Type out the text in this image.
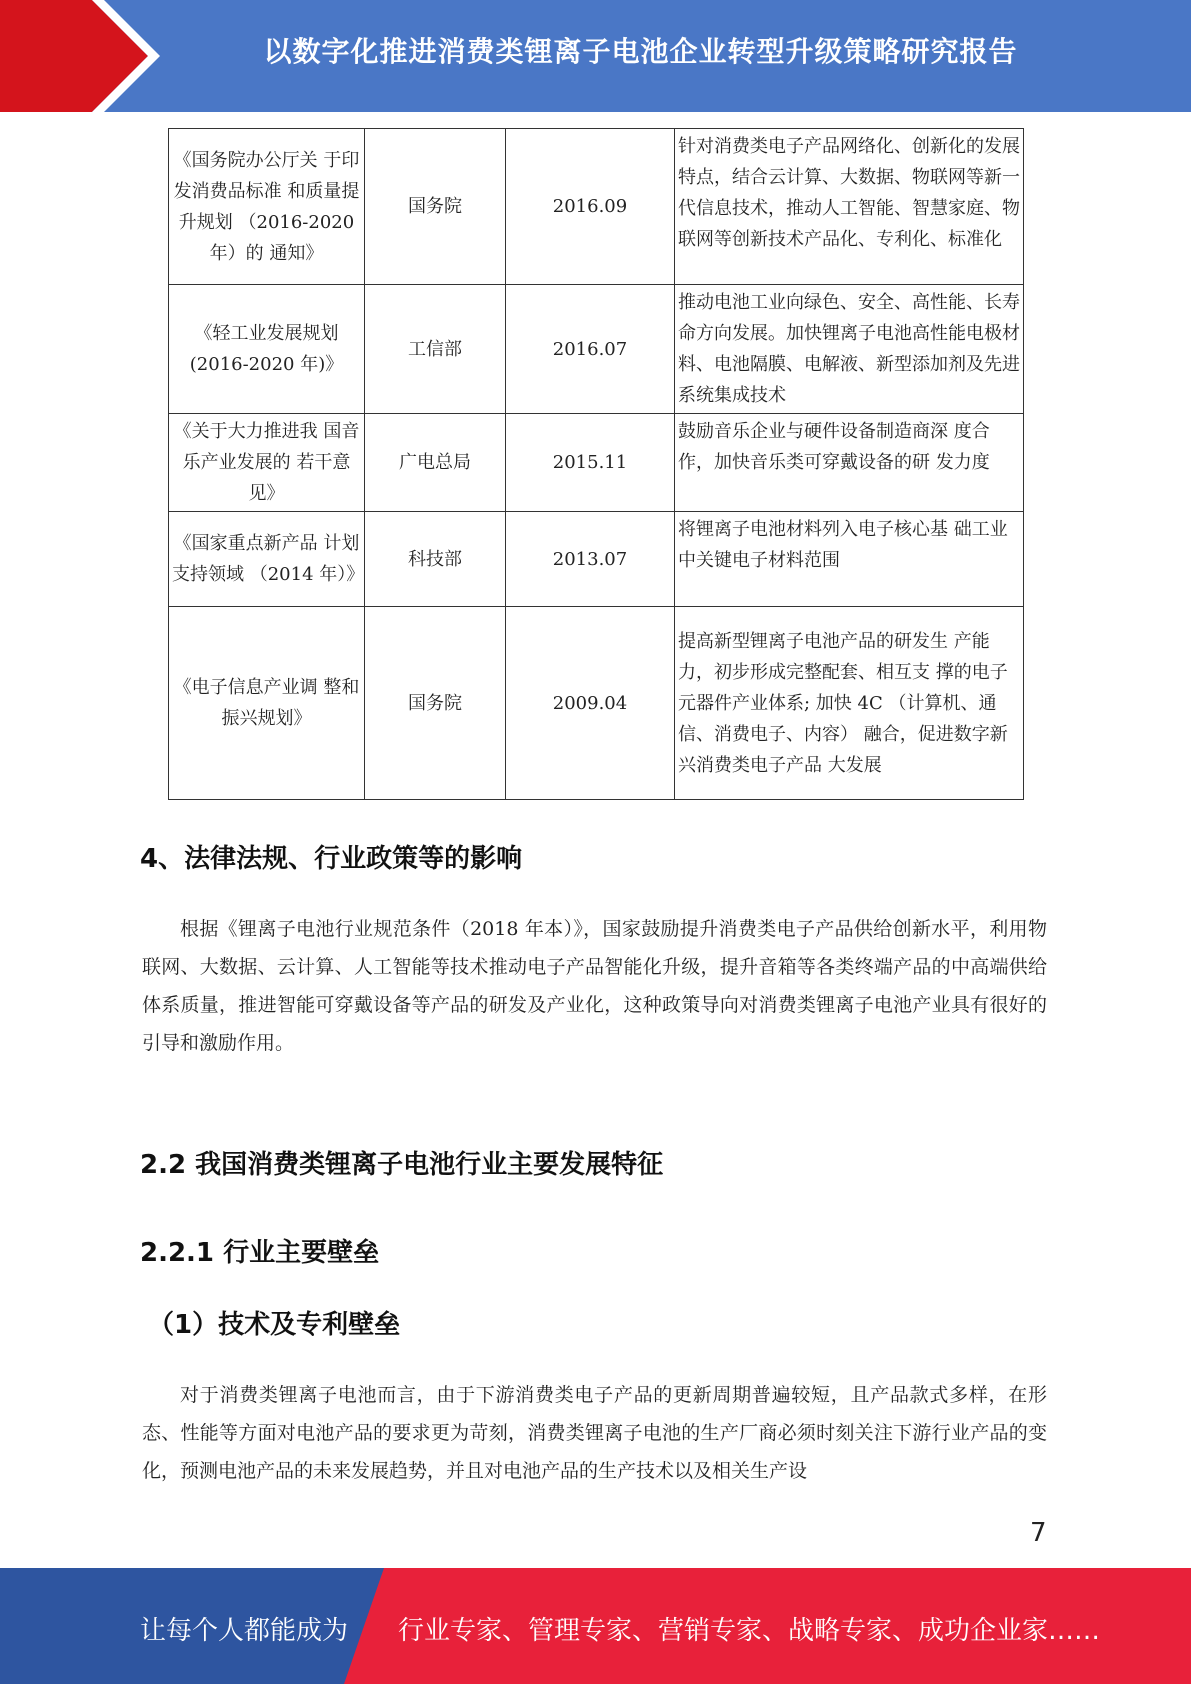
以数字化推进消费类锂离子电池企业转型升级策略研究报告
《国务院办公厅关 于印发消费品标准 和质量提升规划 （2016-2020 年）的 通知》	国务院	2016.09	针对消费类电子产品网络化、创新化的发展特点，结合云计算、大数据、物联网等新一代信息技术，推动人工智能、智慧家庭、物联网等创新技术产品化、专利化、标准化
《轻工业发展规划 (2016-2020 年)》	工信部	2016.07	推动电池工业向绿色、安全、高性能、长寿命方向发展。加快锂离子电池高性能电极材料、电池隔膜、电解液、新型添加剂及先进系统集成技术
《关于大力推进我 国音乐产业发展的 若干意见》	广电总局	2015.11	鼓励音乐企业与硬件设备制造商深 度合作，加快音乐类可穿戴设备的研 发力度
《国家重点新产品 计划支持领域 （2014 年）》	科技部	2013.07	将锂离子电池材料列入电子核心基 础工业中关键电子材料范围
《电子信息产业调 整和振兴规划》	国务院	2009.04	提高新型锂离子电池产品的研发生 产能力，初步形成完整配套、相互支 撑的电子元器件产业体系; 加快 4C （计算机、通信、消费电子、内容） 融合，促进数字新兴消费类电子产品 大发展
4、法律法规、行业政策等的影响

根据《锂离子电池行业规范条件（2018 年本）》，国家鼓励提升消费类电子产品供给创新水平，利用物联网、大数据、云计算、人工智能等技术推动电子产品智能化升级，提升音箱等各类终端产品的中高端供给体系质量，推进智能可穿戴设备等产品的研发及产业化，这种政策导向对消费类锂离子电池产业具有很好的引导和激励作用。

2.2 我国消费类锂离子电池行业主要发展特征
2.2.1 行业主要壁垒
（1）技术及专利壁垒

对于消费类锂离子电池而言，由于下游消费类电子产品的更新周期普遍较短，且产品款式多样，在形态、性能等方面对电池产品的要求更为苛刻，消费类锂离子电池的生产厂商必须时刻关注下游行业产品的变化，预测电池产品的未来发展趋势，并且对电池产品的生产技术以及相关生产设

7
让每个人都能成为 行业专家、管理专家、营销专家、战略专家、成功企业家……
